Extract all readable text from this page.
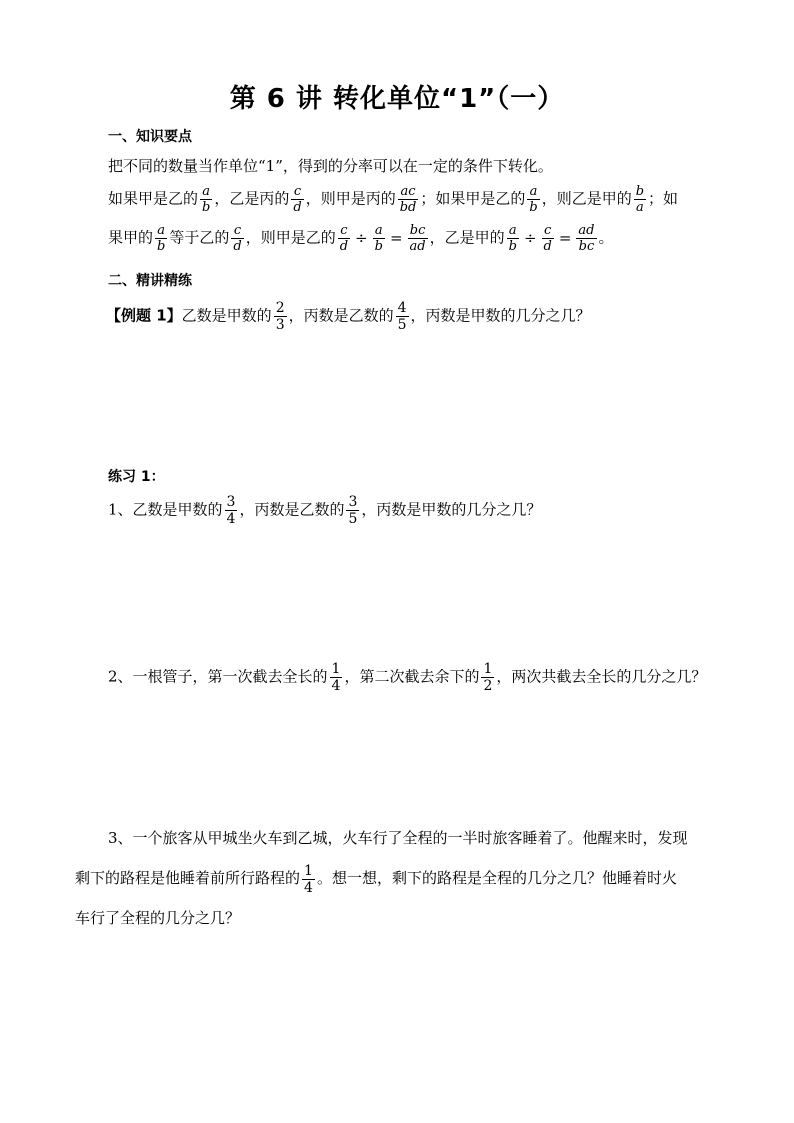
第 6 讲 转化单位“1”（一）
一、知识要点
把不同的数量当作单位“1”，得到的分率可以在一定的条件下转化。
如果甲是乙的 $\frac{a}{b}$ ，乙是丙的 $\frac{c}{d}$ ，则甲是丙的 $\frac{ac}{bd}$ ；如果甲是乙的 $\frac{a}{b}$ ，则乙是甲的 $\frac{b}{a}$ ；如
果甲的 $\frac{a}{b}$ 等于乙的 $\frac{c}{d}$ ，则甲是乙的 $\frac{c}{d} \div \frac{a}{b} = \frac{bc}{ad}$ ，乙是甲的 $\frac{a}{b} \div \frac{c}{d} = \frac{ad}{bc}$ 。
二、精讲精练
【例题 1】乙数是甲数的 $\frac{2}{3}$ ，丙数是乙数的 $\frac{4}{5}$ ，丙数是甲数的几分之几？
练习 1：
1、乙数是甲数的 $\frac{3}{4}$ ，丙数是乙数的 $\frac{3}{5}$ ，丙数是甲数的几分之几？
2、一根管子，第一次截去全长的 $\frac{1}{4}$ ，第二次截去余下的 $\frac{1}{2}$ ，两次共截去全长的几分之几？
3、一个旅客从甲城坐火车到乙城，火车行了全程的一半时旅客睡着了。他醒来时，发现
剩下的路程是他睡着前所行路程的 $\frac{1}{4}$ 。想一想，剩下的路程是全程的几分之几？他睡着时火
车行了全程的几分之几？
